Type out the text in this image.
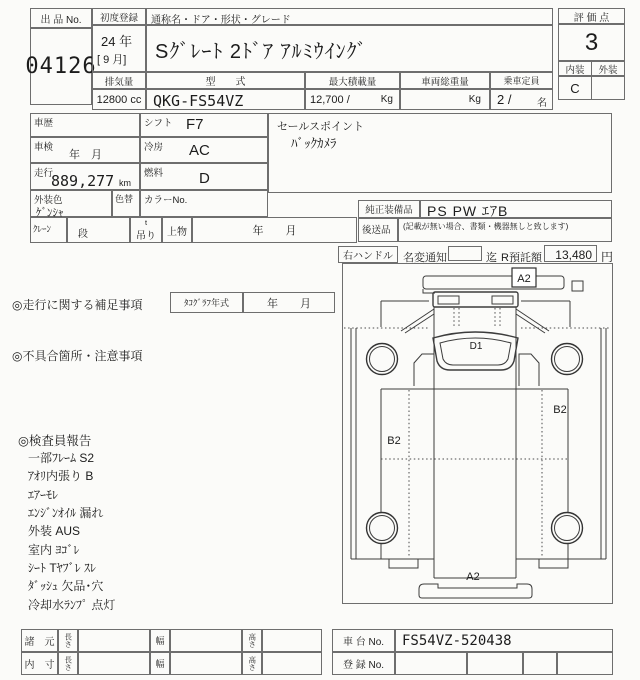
出 品 No.
04126
初度登録
24 年
[ 9 月]
通称名・ドア・形状・グレード
Sｸﾞﾚｰﾄ 2ﾄﾞｱ ｱﾙﾐｳｲﾝｸﾞ
評 価 点
3
内装 外装
C
排気量
12800 cc
型　　式
QKG-FS54VZ
最大積載量
12,700 /	Kg
車両総重量
Kg
乗車定員
2 /	名
車歴	シフト F7
車検
年　月
冷房 AC
走行
889,277 km
燃料 D
外装色
ｹﾞﾝｼｬ
色替 カラーNo.
ｸﾚｰﾝ	段
t
吊り 上物	年　　月
セールスポイント
ﾊﾞｯｸｶﾒﾗ
純正装備品 PS PW ｴｱB
後送品 (記載が無い場合、書類・機器無しと致します)
右ハンドル 名変通知	迄 R預託額 13,480 円
◎走行に関する補足事項	ﾀｺｸﾞﾗﾌ年式	年　　月
◎不具合箇所・注意事項
◎検査員報告
一部ﾌﾚｰﾑ S2
ｱｵﾘ内張り B
ｴｱｰﾓﾚ
ｴﾝｼﾞﾝｵｲﾙ 漏れ
外装 AUS
室内 ﾖｺﾞﾚ
ｼｰﾄ Tﾔﾌﾞﾚ ｽﾚ
ﾀﾞｯｼｭ 欠品･穴
冷却水ﾗﾝﾌﾟ 点灯
A2
D1
B2
B2
A2
諸　元 長さ	幅	高さ
内　寸 長さ	幅	高さ
車 台 No. FS54VZ-520438
登 録 No.
